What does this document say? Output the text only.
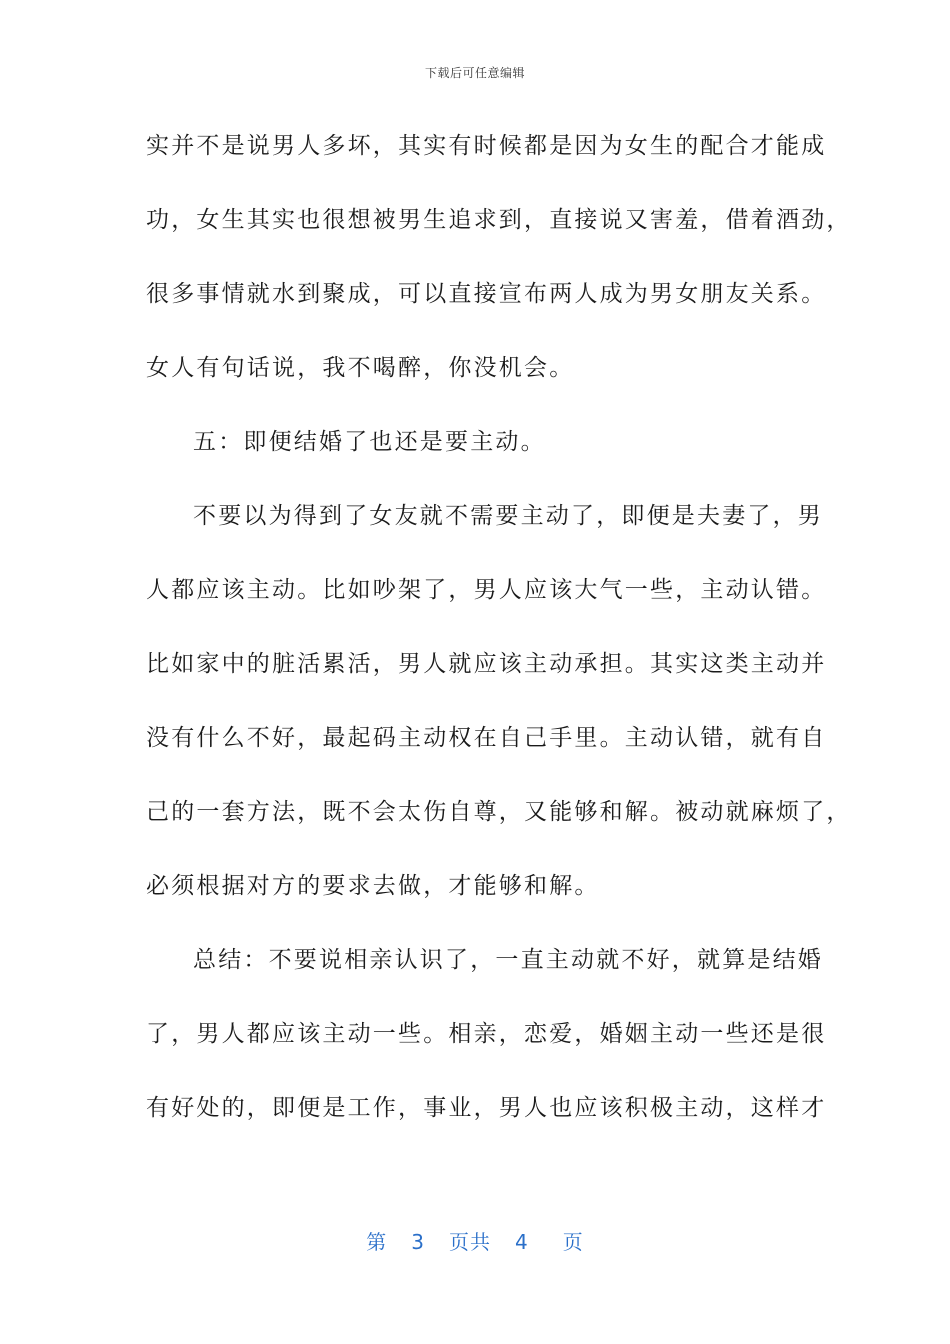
下载后可任意编辑
实并不是说男人多坏，其实有时候都是因为女生的配合才能成
功，女生其实也很想被男生追求到，直接说又害羞，借着酒劲，
很多事情就水到聚成，可以直接宣布两人成为男女朋友关系。
女人有句话说，我不喝醉，你没机会。
五：即便结婚了也还是要主动。
不要以为得到了女友就不需要主动了，即便是夫妻了，男
人都应该主动。比如吵架了，男人应该大气一些，主动认错。
比如家中的脏活累活，男人就应该主动承担。其实这类主动并
没有什么不好，最起码主动权在自己手里。主动认错，就有自
己的一套方法，既不会太伤自尊，又能够和解。被动就麻烦了，
必须根据对方的要求去做，才能够和解。
总结：不要说相亲认识了，一直主动就不好，就算是结婚
了，男人都应该主动一些。相亲，恋爱，婚姻主动一些还是很
有好处的，即便是工作，事业，男人也应该积极主动，这样才
第 3 页共 4 页
